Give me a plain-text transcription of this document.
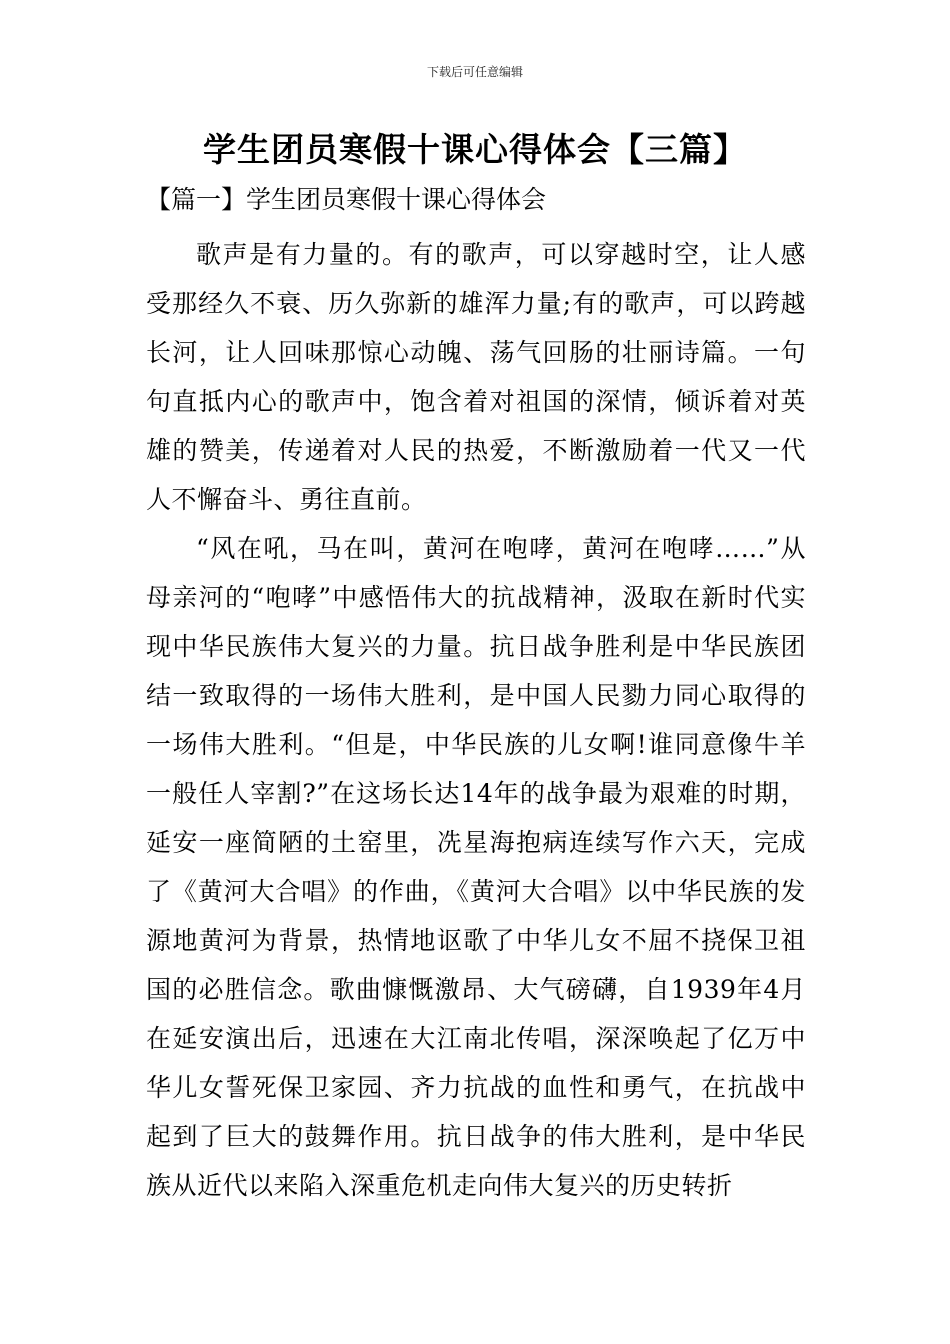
下载后可任意编辑
学生团员寒假十课心得体会【三篇】
【篇一】学生团员寒假十课心得体会

歌声是有力量的。有的歌声，可以穿越时空，让人感受那经久不衰、历久弥新的雄浑力量;有的歌声，可以跨越长河，让人回味那惊心动魄、荡气回肠的壮丽诗篇。一句句直抵内心的歌声中，饱含着对祖国的深情，倾诉着对英雄的赞美，传递着对人民的热爱，不断激励着一代又一代人不懈奋斗、勇往直前。

“风在吼，马在叫，黄河在咆哮，黄河在咆哮……”从母亲河的“咆哮”中感悟伟大的抗战精神，汲取在新时代实现中华民族伟大复兴的力量。抗日战争胜利是中华民族团结一致取得的一场伟大胜利，是中国人民勠力同心取得的一场伟大胜利。“但是，中华民族的儿女啊!谁同意像牛羊一般任人宰割?”在这场长达14年的战争最为艰难的时期，延安一座简陋的土窑里，冼星海抱病连续写作六天，完成了《黄河大合唱》的作曲，《黄河大合唱》以中华民族的发源地黄河为背景，热情地讴歌了中华儿女不屈不挠保卫祖国的必胜信念。歌曲慷慨激昂、大气磅礴，自1939年4月在延安演出后，迅速在大江南北传唱，深深唤起了亿万中华儿女誓死保卫家园、齐力抗战的血性和勇气，在抗战中起到了巨大的鼓舞作用。抗日战争的伟大胜利，是中华民族从近代以来陷入深重危机走向伟大复兴的历史转折
